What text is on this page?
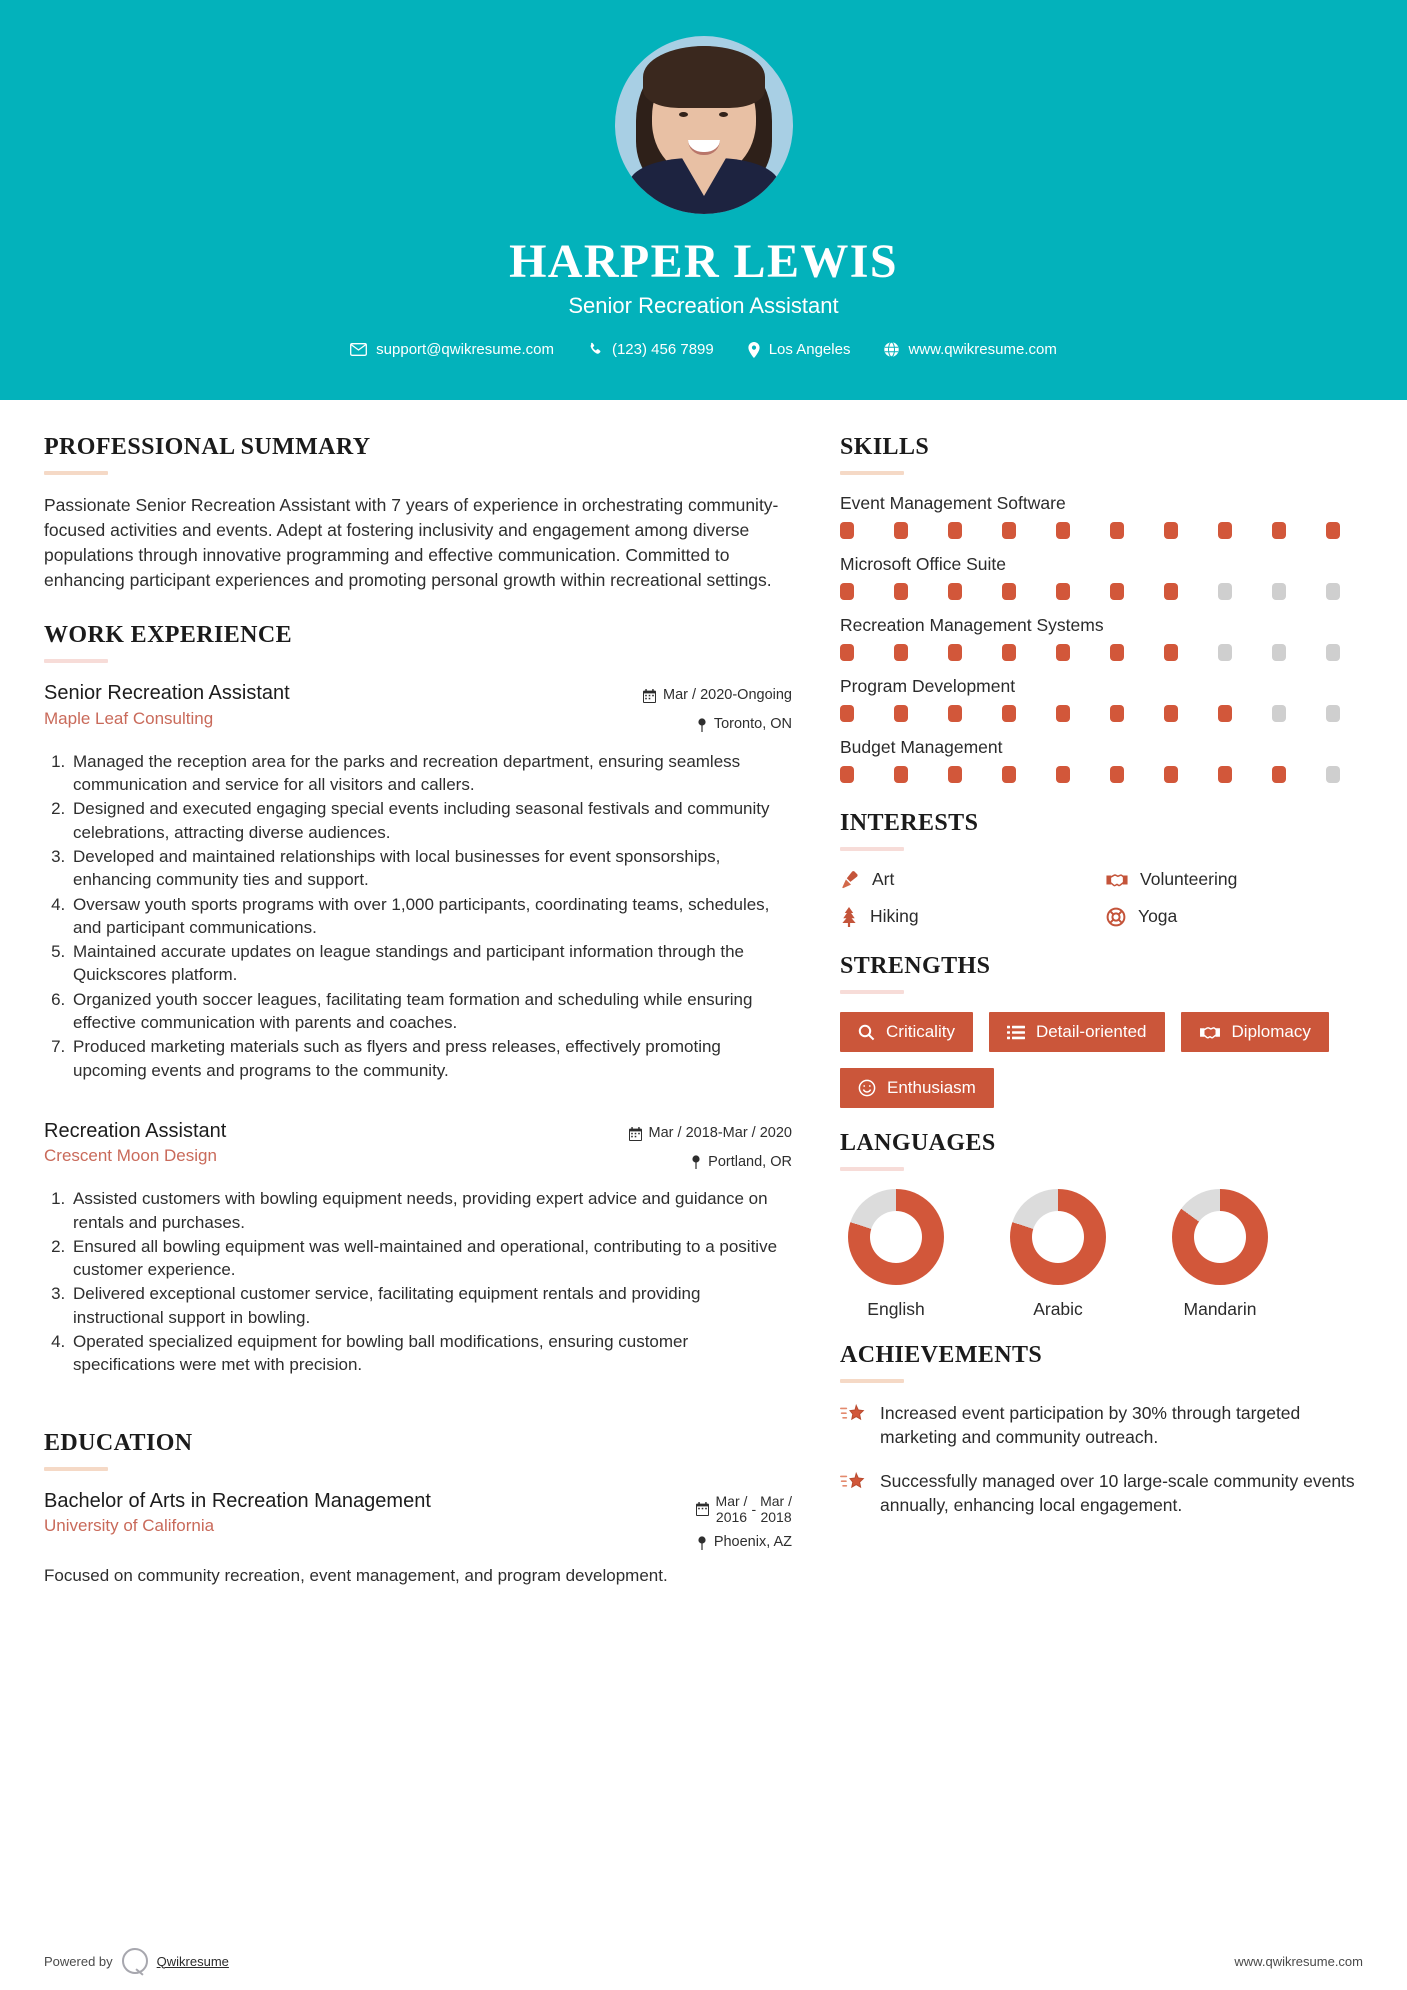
HARPER LEWIS
Senior Recreation Assistant
support@qwikresume.com	(123) 456 7899	Los Angeles	www.qwikresume.com
PROFESSIONAL SUMMARY
Passionate Senior Recreation Assistant with 7 years of experience in orchestrating community-focused activities and events. Adept at fostering inclusivity and engagement among diverse populations through innovative programming and effective communication. Committed to enhancing participant experiences and promoting personal growth within recreational settings.
WORK EXPERIENCE
Senior Recreation Assistant
Maple Leaf Consulting
Mar / 2020-Ongoing
Toronto, ON
1. Managed the reception area for the parks and recreation department, ensuring seamless communication and service for all visitors and callers.
2. Designed and executed engaging special events including seasonal festivals and community celebrations, attracting diverse audiences.
3. Developed and maintained relationships with local businesses for event sponsorships, enhancing community ties and support.
4. Oversaw youth sports programs with over 1,000 participants, coordinating teams, schedules, and participant communications.
5. Maintained accurate updates on league standings and participant information through the Quickscores platform.
6. Organized youth soccer leagues, facilitating team formation and scheduling while ensuring effective communication with parents and coaches.
7. Produced marketing materials such as flyers and press releases, effectively promoting upcoming events and programs to the community.
Recreation Assistant
Crescent Moon Design
Mar / 2018-Mar / 2020
Portland, OR
1. Assisted customers with bowling equipment needs, providing expert advice and guidance on rentals and purchases.
2. Ensured all bowling equipment was well-maintained and operational, contributing to a positive customer experience.
3. Delivered exceptional customer service, facilitating equipment rentals and providing instructional support in bowling.
4. Operated specialized equipment for bowling ball modifications, ensuring customer specifications were met with precision.
EDUCATION
Bachelor of Arts in Recreation Management
University of California
Mar /
2016
-
Mar /
2018
Phoenix, AZ
Focused on community recreation, event management, and program development.
SKILLS
Event Management Software
Microsoft Office Suite
Recreation Management Systems
Program Development
Budget Management
INTERESTS
Art	Volunteering
Hiking	Yoga
STRENGTHS
Criticality	Detail-oriented	Diplomacy
Enthusiasm
LANGUAGES
English	Arabic	Mandarin
ACHIEVEMENTS
Increased event participation by 30% through targeted marketing and community outreach.
Successfully managed over 10 large-scale community events annually, enhancing local engagement.
Powered by	Qwikresume	www.qwikresume.com
